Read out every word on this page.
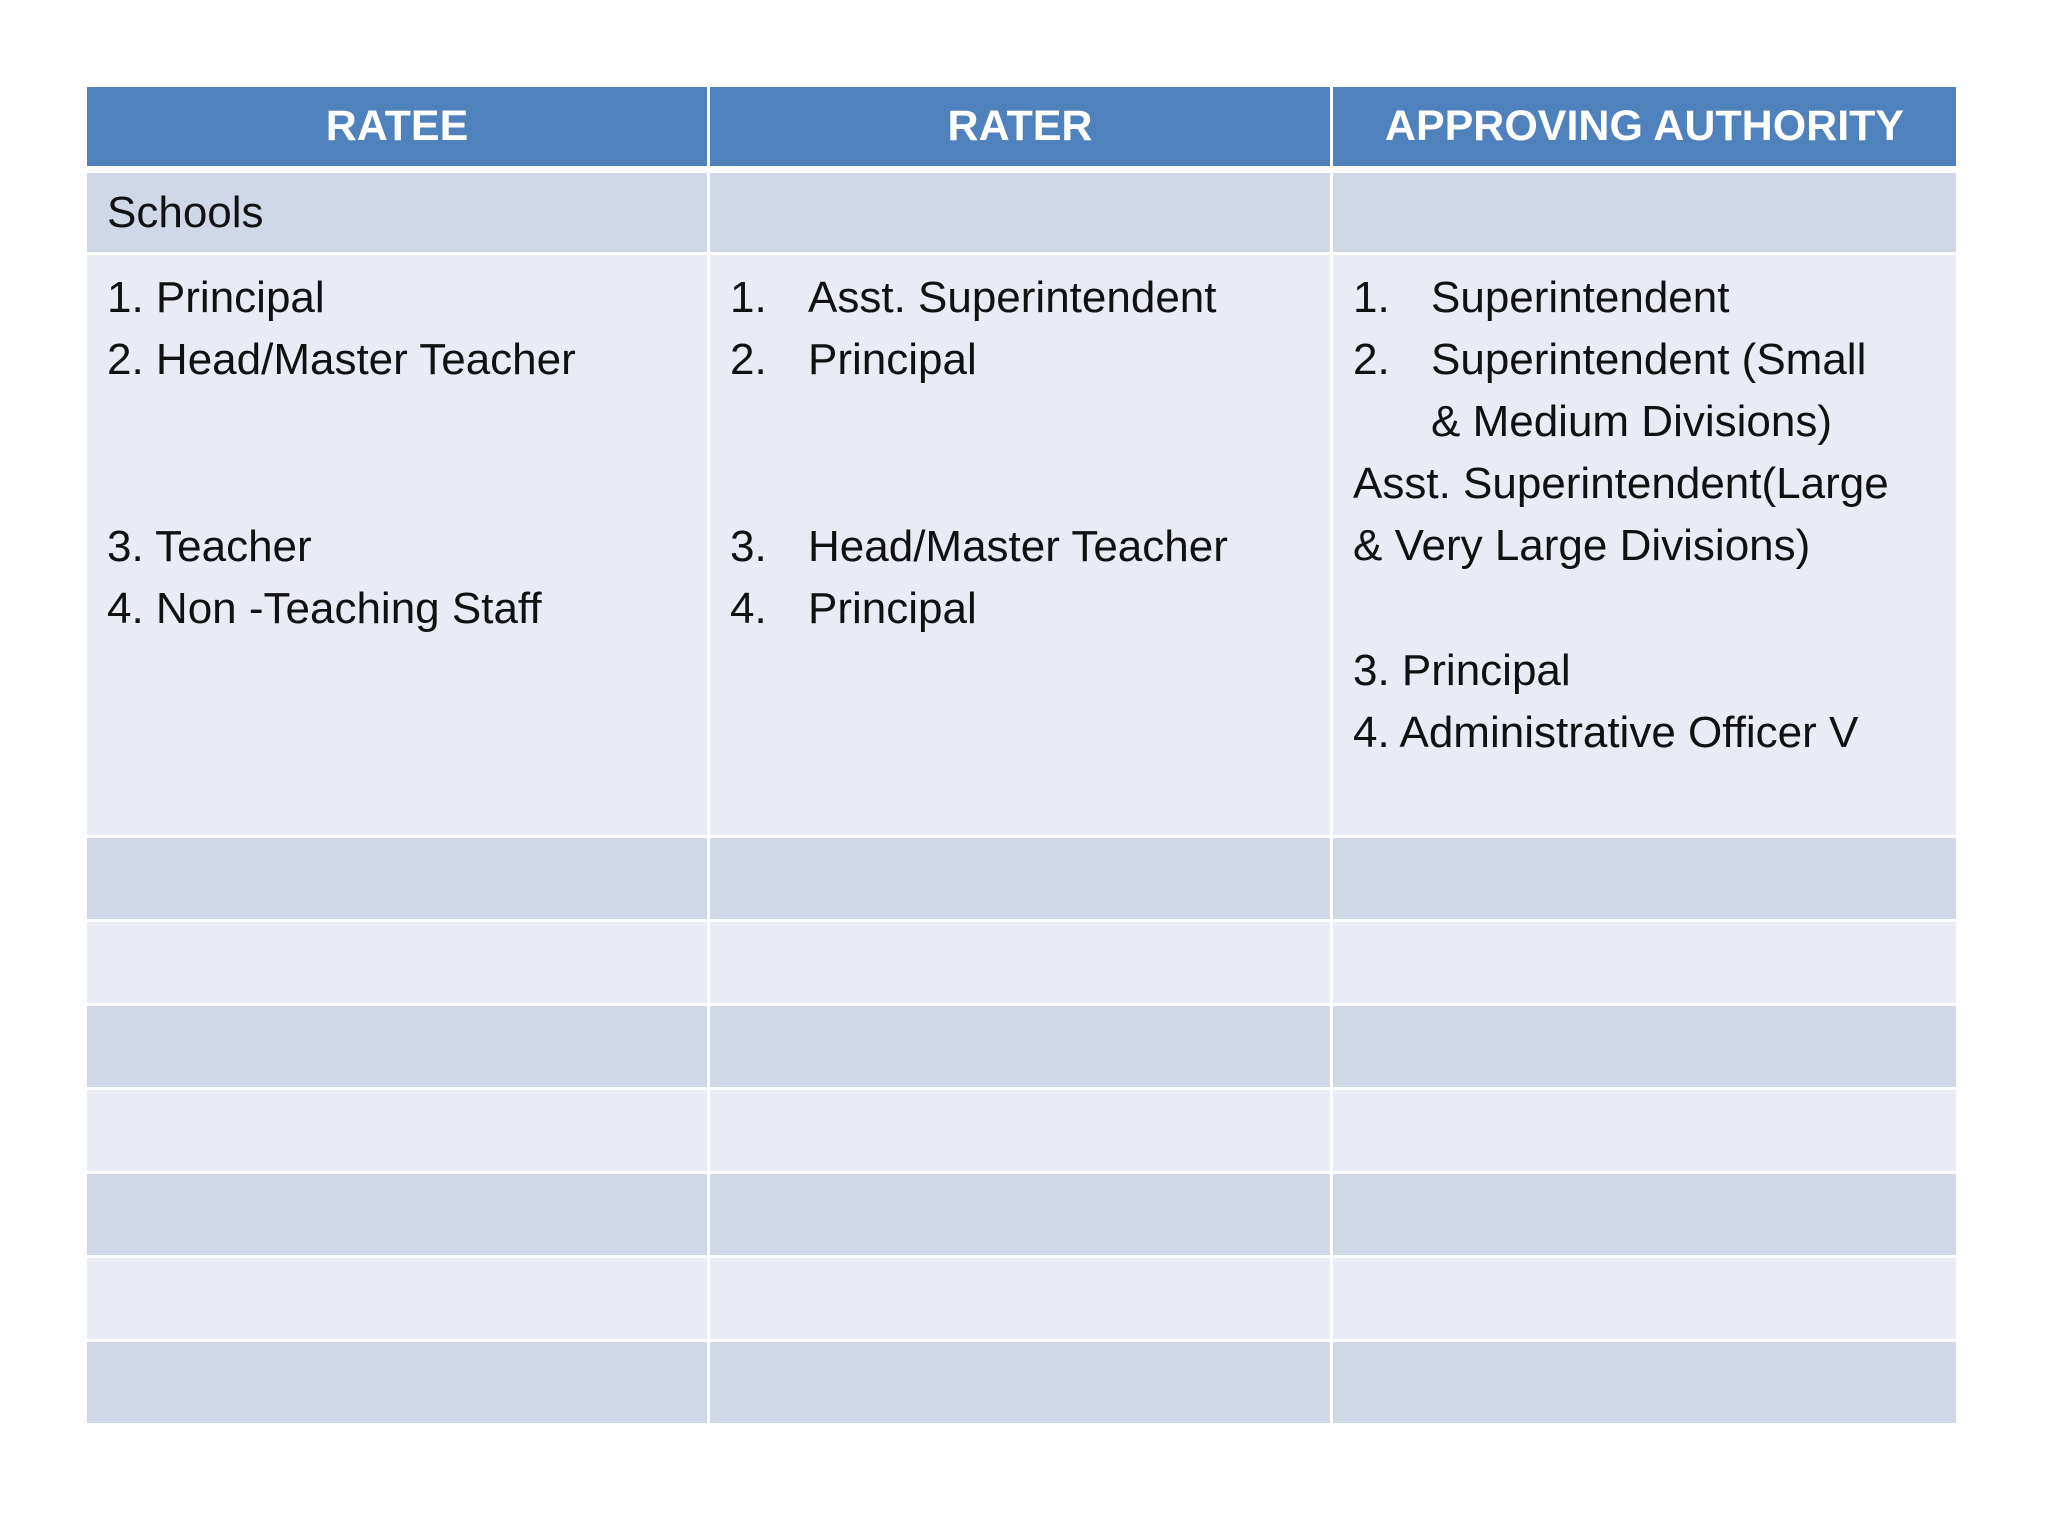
RATEE	RATER	APPROVING AUTHORITY
Schools
1. Principal
2. Head/Master Teacher
3. Teacher
4. Non -Teaching Staff
1. Asst. Superintendent
2. Principal
3. Head/Master Teacher
4. Principal
1. Superintendent
2. Superintendent (Small
& Medium Divisions)
Asst. Superintendent(Large
& Very Large Divisions)
3. Principal
4. Administrative Officer V
